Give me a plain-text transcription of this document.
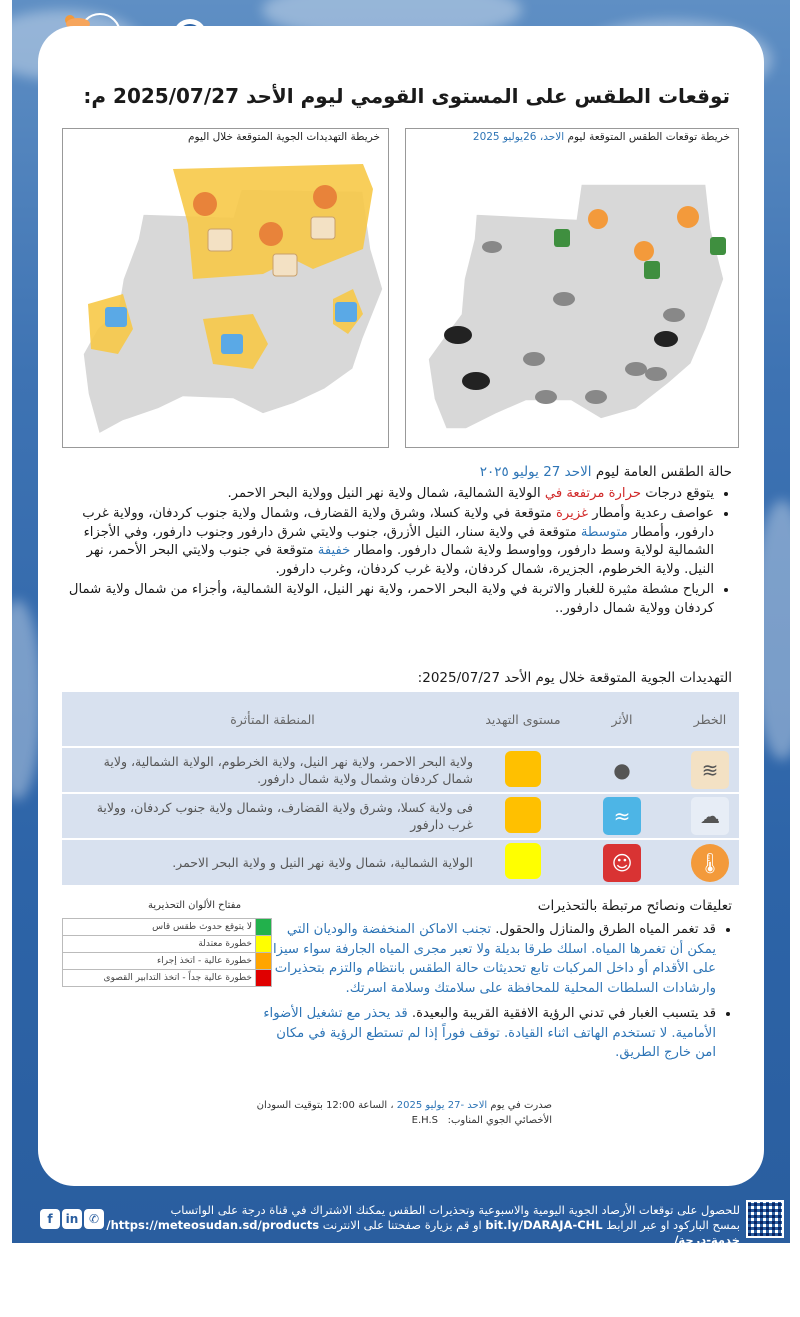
توقعات الطقس على المستوى القومي ليوم الأحد 2025/07/27 م:
خريطة التهديدات الجوية المتوقعة خلال اليوم	خريطة توقعات الطقس المتوقعة ليوم الاحد، 26يوليو 2025
حالة الطقس العامة ليوم الاحد 27 يوليو ٢٠٢٥
• يتوقع درجات حرارة مرتفعة في الولاية الشمالية، شمال ولاية نهر النيل وولاية البحر الاحمر.
• عواصف رعدية وأمطار غزيرة متوقعة في ولاية كسلا، وشرق ولاية القضارف، وشمال ولاية جنوب كردفان، وولاية غرب دارفور، وأمطار متوسطة متوقعة في ولاية سنار، النيل الأزرق، جنوب ولايتي شرق دارفور وجنوب دارفور، وفي الأجزاء الشمالية لولاية وسط دارفور، وواوسط ولاية شمال دارفور. وامطار خفيفة متوقعة في جنوب ولايتي البحر الأحمر، نهر النيل. ولاية الخرطوم، الجزيرة، شمال كردفان، ولاية غرب كردفان، وغرب دارفور.
• الرياح مشطة مثيرة للغبار والاتربة في ولاية البحر الاحمر، ولاية نهر النيل، الولاية الشمالية، وأجزاء من شمال ولاية شمال كردفان وولاية شمال دارفور..
التهديدات الجوية المتوقعة خلال يوم الأحد 2025/07/27:
الخطر	الأثر	مستوى التهديد	المنطقة المتأثرة
≋	●		ولاية البحر الاحمر، ولاية نهر النيل، ولاية الخرطوم، الولاية الشمالية، ولاية شمال كردفان وشمال ولاية شمال دارفور.
☁	≈		فى ولاية كسلا، وشرق ولاية القضارف، وشمال ولاية جنوب كردفان، وولاية غرب دارفور
🌡	☺		الولاية الشمالية، شمال ولاية نهر النيل و ولاية البحر الاحمر.
مفتاح الألوان التحذيرية
	لا يتوقع حدوث طقس قاس
	خطورة معتدلة
	خطورة عالية - اتخذ إجراء
	خطورة عالية جداً - اتخذ التدابير القصوى
تعليقات ونصائح مرتبطة بالتحذيرات
• قد تغمر المياه الطرق والمنازل والحقول. تجنب الاماكن المنخفضة والوديان التي يمكن أن تغمرها المياه. اسلك طرقا بديلة ولا تعبر مجرى المياه الجارفة سواء سيزا على الأقدام أو داخل المركبات تابع تحديثات حالة الطقس بانتظام والتزم بتحذيرات وارشادات السلطات المحلية للمحافظة على سلامتك وسلامة اسرتك.
• قد يتسبب الغبار في تدني الرؤية الافقية القريبة والبعيدة. قد يحذر مع تشغيل الأضواء الأمامية. لا تستخدم الهاتف اثناء القيادة. توقف فوراً إذا لم تستطع الرؤية في مكان امن خارج الطريق.
صدرت في يوم الاحد -27 يوليو 2025 ، الساعة 12:00 بتوقيت السودان
الأخصائي الجوي المناوب:   E.H.S
للحصول على توقعات الأرصاد الجوية اليومية والاسبوعية وتحذيرات الطقس يمكنك الاشتراك في قناة درجة على الواتساب
بمسح الباركود او عبر الرابط bit.ly/DARAJA-CHL او قم بزيارة صفحتنا على الانترنت https://meteosudan.sd/products/خدمة-درجة/
f in ✆
